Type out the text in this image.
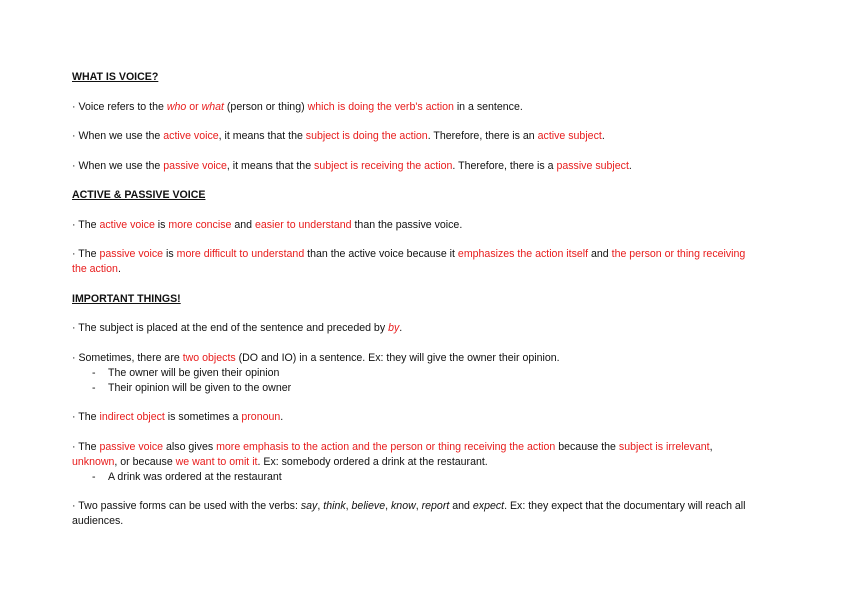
WHAT IS VOICE?

· Voice refers to the who or what (person or thing) which is doing the verb's action in a sentence.

· When we use the active voice, it means that the subject is doing the action. Therefore, there is an active subject.

· When we use the passive voice, it means that the subject is receiving the action. Therefore, there is a passive subject.

ACTIVE & PASSIVE VOICE

· The active voice is more concise and easier to understand than the passive voice.

· The passive voice is more difficult to understand than the active voice because it emphasizes the action itself and the person or thing receiving the action.

IMPORTANT THINGS!

· The subject is placed at the end of the sentence and preceded by by.

· Sometimes, there are two objects (DO and IO) in a sentence. Ex: they will give the owner their opinion.

- The owner will be given their opinion
- Their opinion will be given to the owner

· The indirect object is sometimes a pronoun.

· The passive voice also gives more emphasis to the action and the person or thing receiving the action because the subject is irrelevant, unknown, or because we want to omit it. Ex: somebody ordered a drink at the restaurant.

- A drink was ordered at the restaurant

· Two passive forms can be used with the verbs: say, think, believe, know, report and expect. Ex: they expect that the documentary will reach all audiences.
